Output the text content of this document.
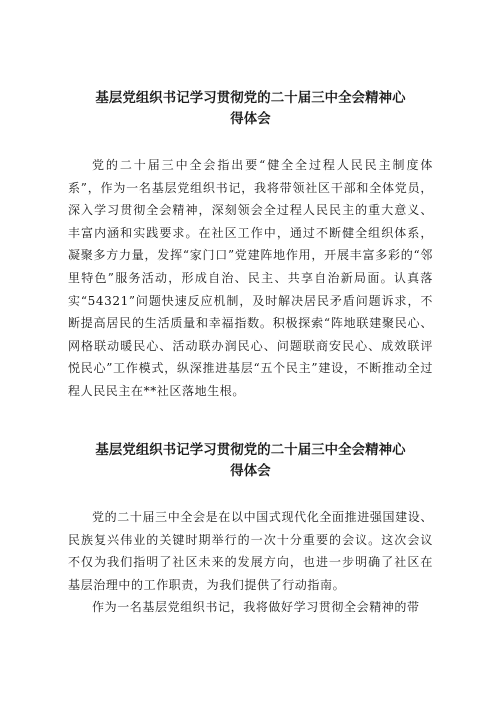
基层党组织书记学习贯彻党的二十届三中全会精神心
得体会

党的二十届三中全会指出要“健全全过程人民民主制度体系”，作为一名基层党组织书记，我将带领社区干部和全体党员，深入学习贯彻全会精神，深刻领会全过程人民民主的重大意义、丰富内涵和实践要求。在社区工作中，通过不断健全组织体系，凝聚多方力量，发挥“家门口”党建阵地作用，开展丰富多彩的“邻里特色”服务活动，形成自治、民主、共享自治新局面。认真落实“54321”问题快速反应机制，及时解决居民矛盾问题诉求，不断提高居民的生活质量和幸福指数。积极探索“阵地联建聚民心、网格联动暖民心、活动联办润民心、问题联商安民心、成效联评悦民心”工作模式，纵深推进基层“五个民主”建设，不断推动全过程人民民主在**社区落地生根。

基层党组织书记学习贯彻党的二十届三中全会精神心
得体会

党的二十届三中全会是在以中国式现代化全面推进强国建设、民族复兴伟业的关键时期举行的一次十分重要的会议。这次会议不仅为我们指明了社区未来的发展方向，也进一步明确了社区在基层治理中的工作职责，为我们提供了行动指南。

作为一名基层党组织书记，我将做好学习贯彻全会精神的带
